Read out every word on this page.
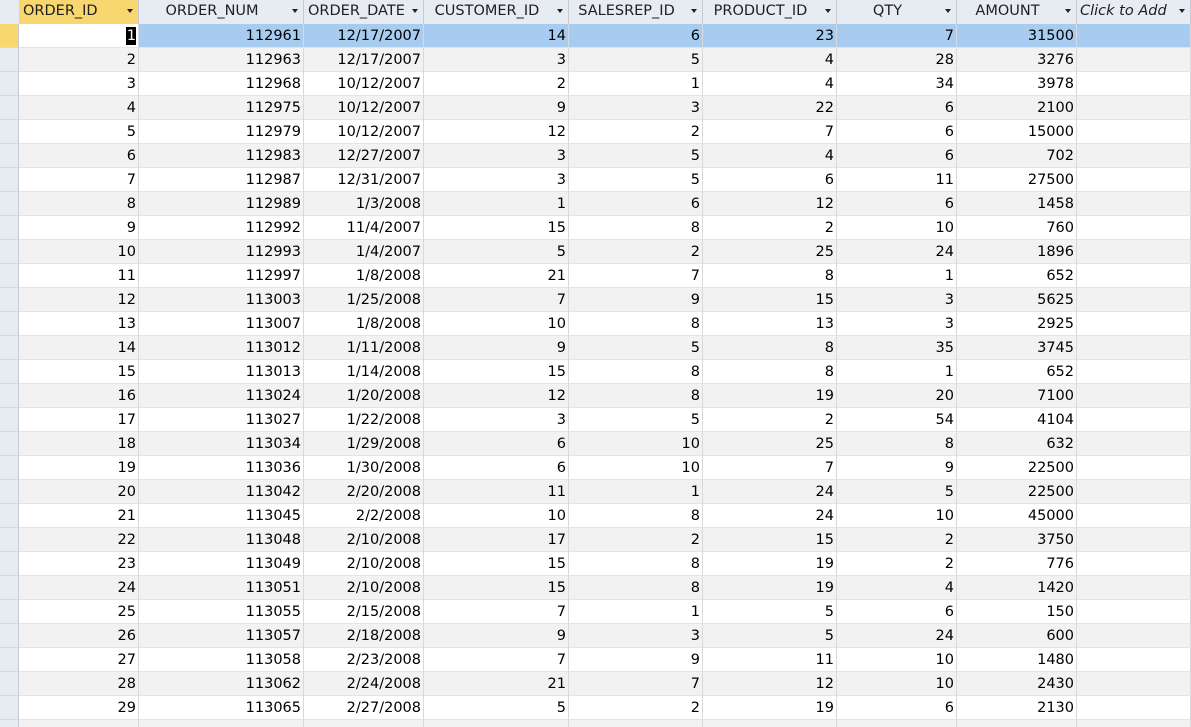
ORDER_ID	ORDER_NUM	ORDER_DATE	CUSTOMER_ID	SALESREP_ID	PRODUCT_ID	QTY	AMOUNT	Click to Add
1	112961	12/17/2007	14	6	23	7	31500
2	112963	12/17/2007	3	5	4	28	3276
3	112968	10/12/2007	2	1	4	34	3978
4	112975	10/12/2007	9	3	22	6	2100
5	112979	10/12/2007	12	2	7	6	15000
6	112983	12/27/2007	3	5	4	6	702
7	112987	12/31/2007	3	5	6	11	27500
8	112989	1/3/2008	1	6	12	6	1458
9	112992	11/4/2007	15	8	2	10	760
10	112993	1/4/2007	5	2	25	24	1896
11	112997	1/8/2008	21	7	8	1	652
12	113003	1/25/2008	7	9	15	3	5625
13	113007	1/8/2008	10	8	13	3	2925
14	113012	1/11/2008	9	5	8	35	3745
15	113013	1/14/2008	15	8	8	1	652
16	113024	1/20/2008	12	8	19	20	7100
17	113027	1/22/2008	3	5	2	54	4104
18	113034	1/29/2008	6	10	25	8	632
19	113036	1/30/2008	6	10	7	9	22500
20	113042	2/20/2008	11	1	24	5	22500
21	113045	2/2/2008	10	8	24	10	45000
22	113048	2/10/2008	17	2	15	2	3750
23	113049	2/10/2008	15	8	19	2	776
24	113051	2/10/2008	15	8	19	4	1420
25	113055	2/15/2008	7	1	5	6	150
26	113057	2/18/2008	9	3	5	24	600
27	113058	2/23/2008	7	9	11	10	1480
28	113062	2/24/2008	21	7	12	10	2430
29	113065	2/27/2008	5	2	19	6	2130
